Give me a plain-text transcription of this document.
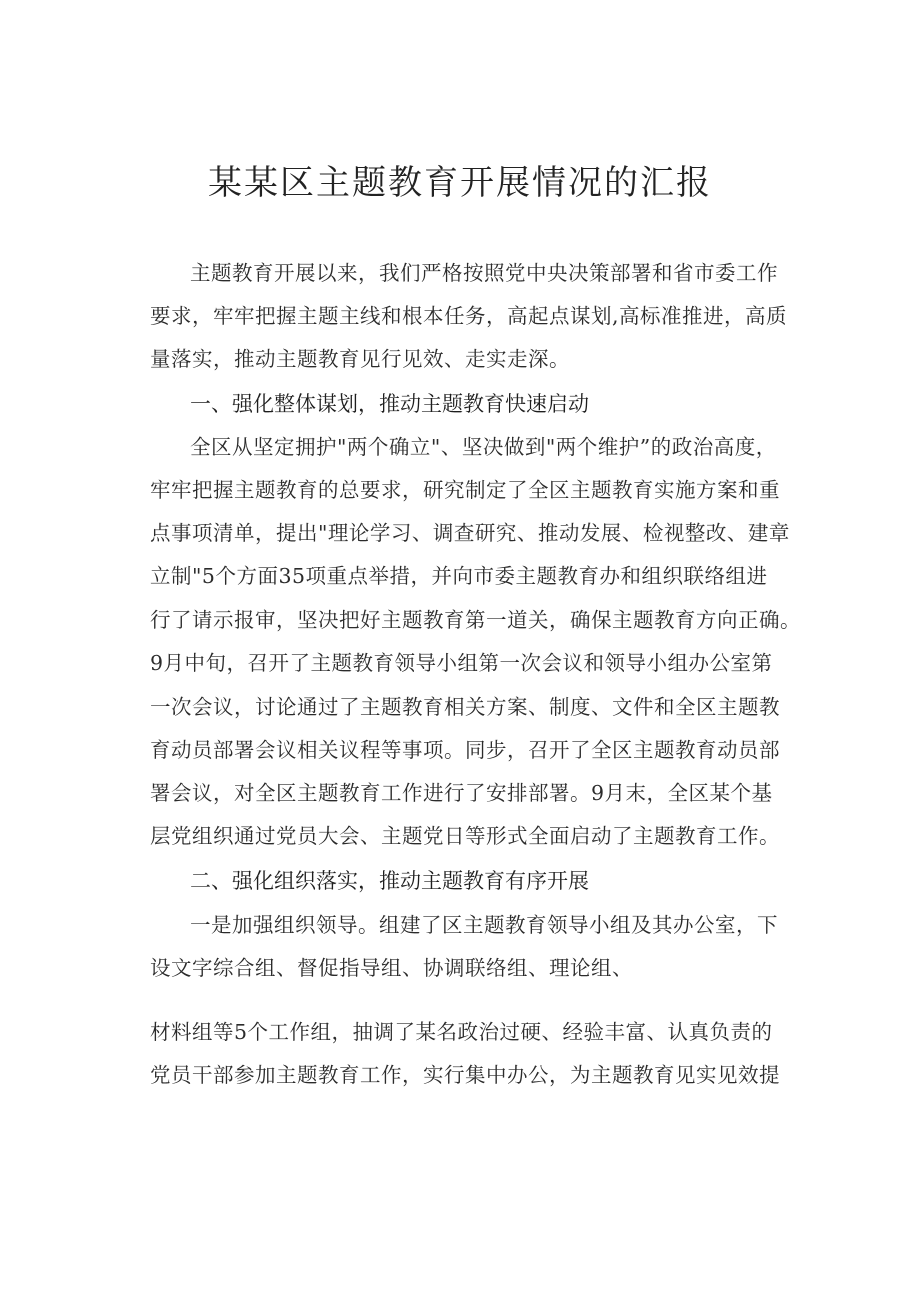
某某区主题教育开展情况的汇报
主题教育开展以来，我们严格按照党中央决策部署和省市委工作
要求，牢牢把握主题主线和根本任务，高起点谋划,高标准推进，高质
量落实，推动主题教育见行见效、走实走深。
一、强化整体谋划，推动主题教育快速启动
全区从坚定拥护"两个确立"、坚决做到"两个维护”的政治高度，
牢牢把握主题教育的总要求，研究制定了全区主题教育实施方案和重
点事项清单，提出"理论学习、调查研究、推动发展、检视整改、建章
立制"5个方面35项重点举措，并向市委主题教育办和组织联络组进
行了请示报审，坚决把好主题教育第一道关，确保主题教育方向正确。
9月中旬，召开了主题教育领导小组第一次会议和领导小组办公室第
一次会议，讨论通过了主题教育相关方案、制度、文件和全区主题教
育动员部署会议相关议程等事项。同步，召开了全区主题教育动员部
署会议，对全区主题教育工作进行了安排部署。9月末，全区某个基
层党组织通过党员大会、主题党日等形式全面启动了主题教育工作。
二、强化组织落实，推动主题教育有序开展
一是加强组织领导。组建了区主题教育领导小组及其办公室，下
设文字综合组、督促指导组、协调联络组、理论组、
材料组等5个工作组，抽调了某名政治过硬、经验丰富、认真负责的
党员干部参加主题教育工作，实行集中办公，为主题教育见实见效提
